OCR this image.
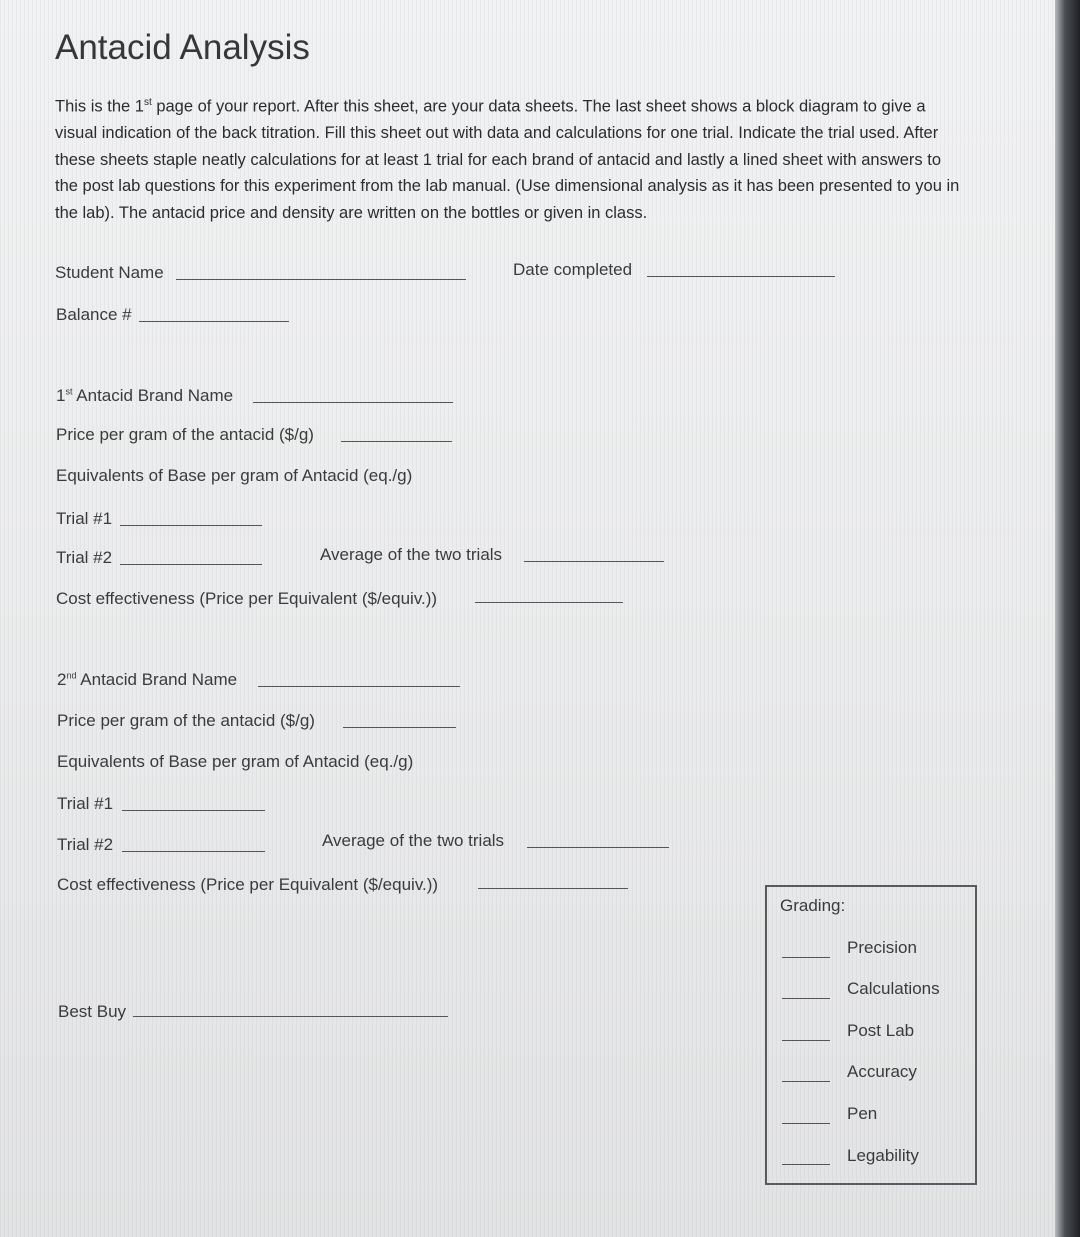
Antacid Analysis

This is the 1st page of your report. After this sheet, are your data sheets. The last sheet shows a block diagram to give a visual indication of the back titration. Fill this sheet out with data and calculations for one trial. Indicate the trial used. After these sheets staple neatly calculations for at least 1 trial for each brand of antacid and lastly a lined sheet with answers to the post lab questions for this experiment from the lab manual. (Use dimensional analysis as it has been presented to you in the lab). The antacid price and density are written on the bottles or given in class.

Student Name	Date completed
Balance #
1st Antacid Brand Name
Price per gram of the antacid ($/g)
Equivalents of Base per gram of Antacid (eq./g)
Trial #1
Trial #2	Average of the two trials
Cost effectiveness (Price per Equivalent ($/equiv.))
2nd Antacid Brand Name
Price per gram of the antacid ($/g)
Equivalents of Base per gram of Antacid (eq./g)
Trial #1
Trial #2	Average of the two trials
Cost effectiveness (Price per Equivalent ($/equiv.))
Best Buy
Grading:
Precision
Calculations
Post Lab
Accuracy
Pen
Legability
